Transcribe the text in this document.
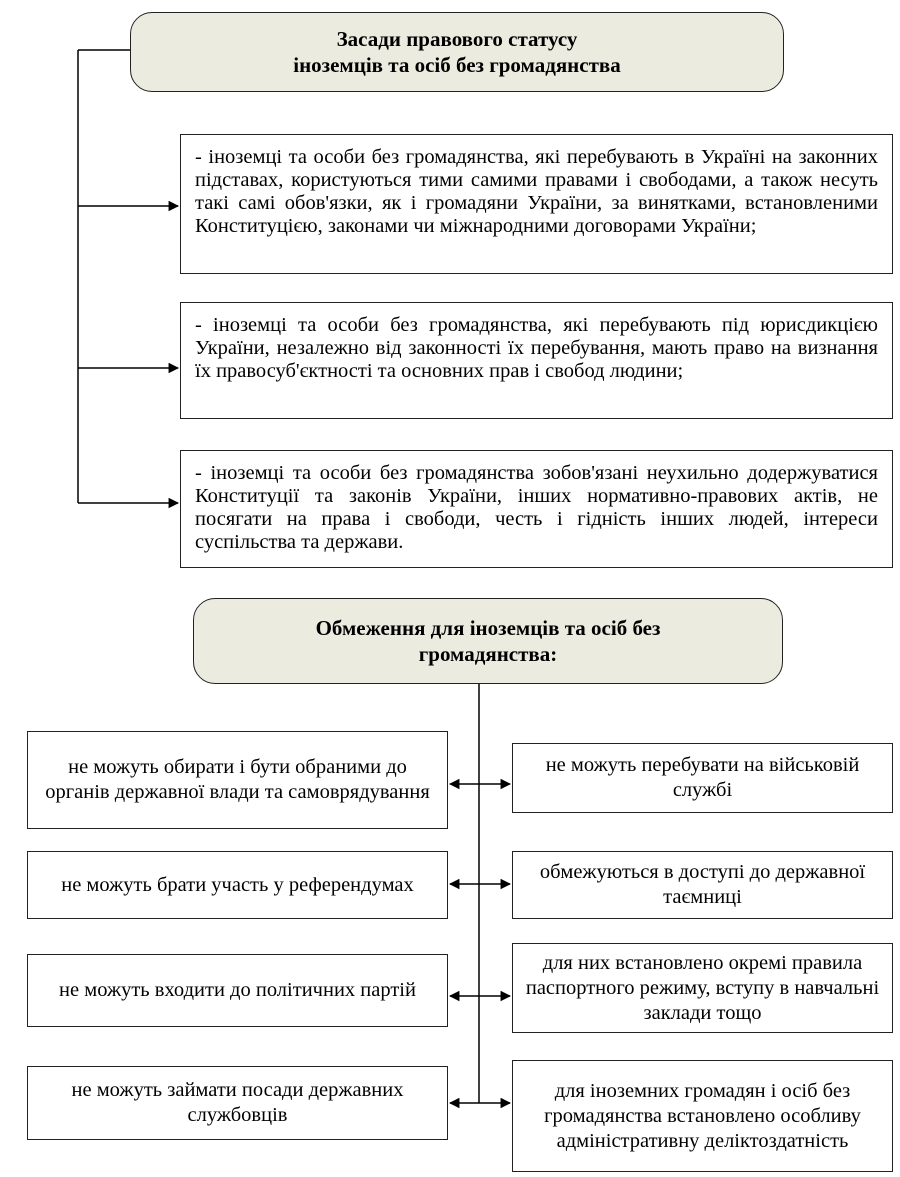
Засади правового статусу
іноземців та осіб без громадянства
- іноземці та особи без громадянства, які перебувають в Україні на законних підставах, користуються тими самими правами і свободами, а також несуть такі самі обов'язки, як і громадяни України, за винятками, встановленими Конституцією, законами чи міжнародними договорами України;
- іноземці та особи без громадянства, які перебувають під юрисдикцією України, незалежно від законності їх перебування, мають право на визнання їх правосуб'єктності та основних прав і свобод людини;
- іноземці та особи без громадянства зобов'язані неухильно додержуватися Конституції та законів України, інших нормативно-правових актів, не посягати на права і свободи, честь і гідність інших людей, інтереси суспільства та держави.
Обмеження для іноземців та осіб без
громадянства:
не можуть обирати і бути обраними до органів державної влади та самоврядування
не можуть брати участь у референдумах
не можуть входити до політичних партій
не можуть займати посади державних службовців
не можуть перебувати на військовій службі
обмежуються в доступі до державної таємниці
для них встановлено окремі правила паспортного режиму, вступу в навчальні заклади тощо
для іноземних громадян і осіб без громадянства встановлено особливу адміністративну деліктоздатність
